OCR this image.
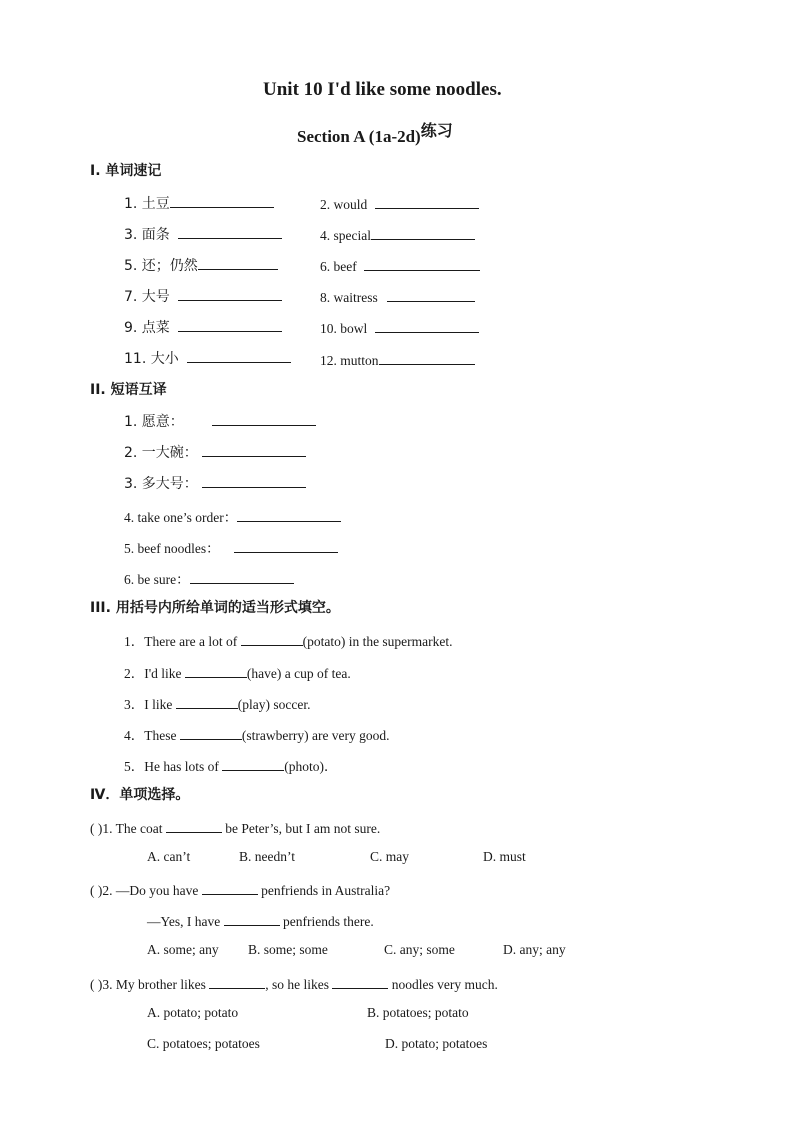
Unit 10 I'd like some noodles.
Section A (1a-2d)练习
I. 单词速记
1. 土豆	2. would
3. 面条	4. special
5. 还；仍然	6. beef
7. 大号	8. waitress
9. 点菜	10. bowl
11. 大小	12. mutton
II. 短语互译
1. 愿意：
2. 一大碗：
3. 多大号：
4. take one’s order：
5. beef noodles：
6. be sure：
III. 用括号内所给单词的适当形式填空。
1．There are a lot of	(potato) in the supermarket.
2．I'd like	(have) a cup of tea.
3．I like	(play) soccer.
4．These	(strawberry) are very good.
5．He has lots of	(photo)．
Ⅳ．单项选择。
( )1. The coat	be Peter’s, but I am not sure.
A. can’t	B. needn’t	C. may	D. must
( )2. —Do you have	penfriends in Australia?
—Yes, I have	penfriends there.
A. some; any B. some; some	C. any; some	D. any; any
( )3. My brother likes	, so he likes	noodles very much.
A. potato; potato	B. potatoes; potato
C. potatoes; potatoes	D. potato; potatoes
